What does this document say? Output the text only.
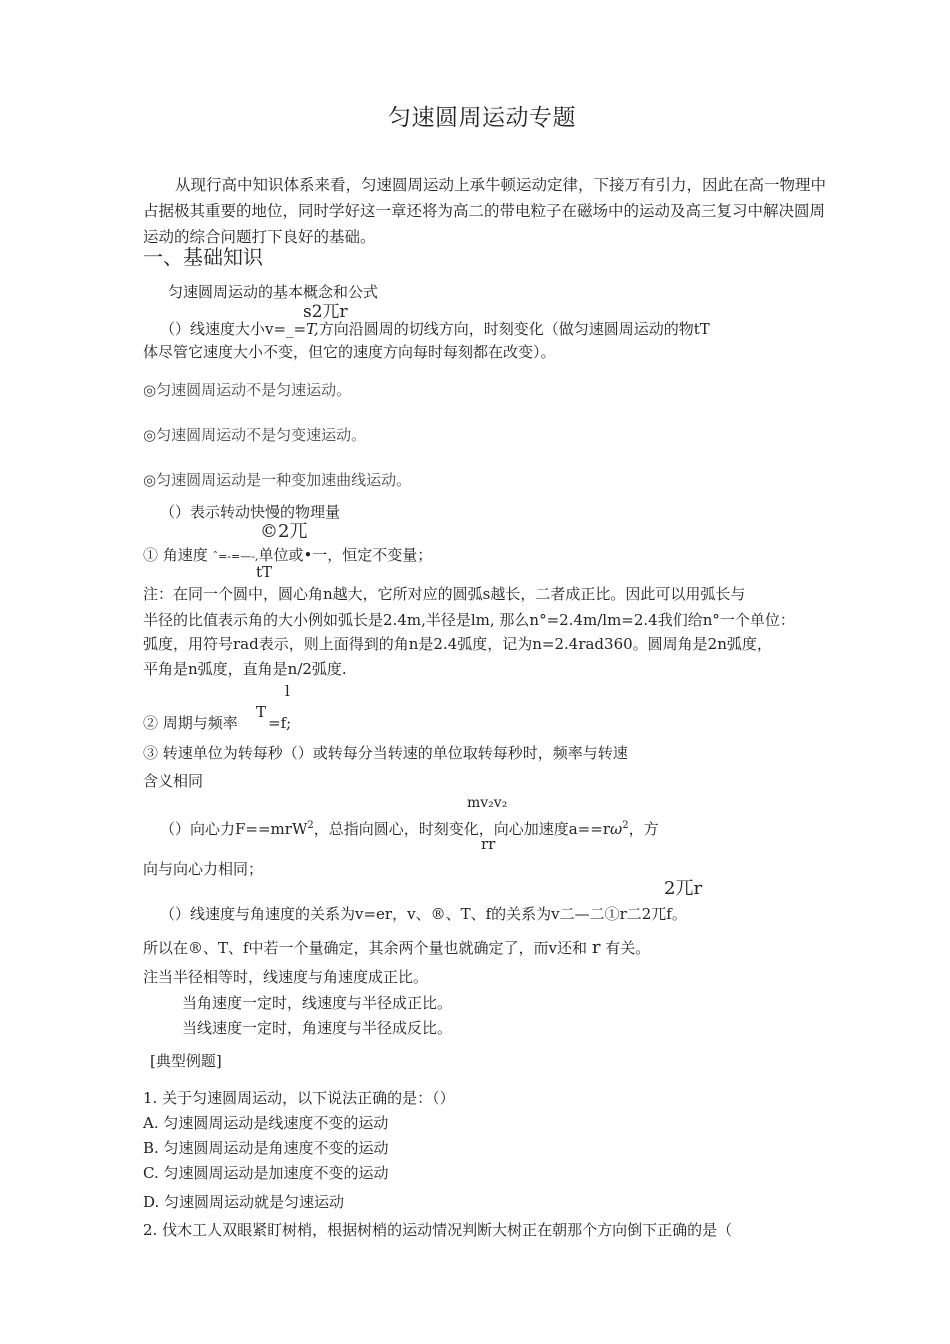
匀速圆周运动专题
从现行高中知识体系来看，匀速圆周运动上承牛顿运动定律，下接万有引力，因此在高一物理中占据极其重要的地位，同时学好这一章还将为高二的带电粒子在磁场中的运动及高三复习中解决圆周运动的综合问题打下良好的基础。
一、基础知识
匀速圆周运动的基本概念和公式
s2兀r
（）线速度大小v=_=T,方向沿圆周的切线方向，时刻变化（做匀速圆周运动的物tT
体尽管它速度大小不变，但它的速度方向每时每刻都在改变）。
◎匀速圆周运动不是匀速运动。
◎匀速圆周运动不是匀变速运动。
◎匀速圆周运动是一种变加速曲线运动。
（）表示转动快慢的物理量
©2兀
① 角速度 ˆ=-=—-,单位或•一，恒定不变量；
tT
注：在同一个圆中，圆心角n越大，它所对应的圆弧s越长，二者成正比。因此可以用弧长与
半径的比值表示角的大小例如弧长是2.4m,半径是lm, 那么n°=2.4m/lm=2.4我们给n°一个单位：
弧度，用符号rad表示，则上面得到的角n是2.4弧度，记为n=2.4rad360。圆周角是2n弧度，
平角是n弧度，直角是n/2弧度.
l
② 周期与频率
T
=f;
③ 转速单位为转每秒（）或转每分当转速的单位取转每秒时，频率与转速
含义相同
mv₂v₂
（）向心力F==mrW$^2$，总指向圆心，时刻变化，向心加速度$a==r\omega^2$，方
rr
向与向心力相同；
2兀r
（）线速度与角速度的关系为v=er，v、®、T、f的关系为v二—二①r二2兀f。
所以在®、T、f中若一个量确定，其余两个量也就确定了，而v还和 r 有关。
注当半径相等时，线速度与角速度成正比。
当角速度一定时，线速度与半径成正比。
当线速度一定时，角速度与半径成反比。
[典型例题]
1. 关于匀速圆周运动，以下说法正确的是：（）
A. 匀速圆周运动是线速度不变的运动
B. 匀速圆周运动是角速度不变的运动
C. 匀速圆周运动是加速度不变的运动
D. 匀速圆周运动就是匀速运动
2. 伐木工人双眼紧盯树梢，根据树梢的运动情况判断大树正在朝那个方向倒下正确的是（
